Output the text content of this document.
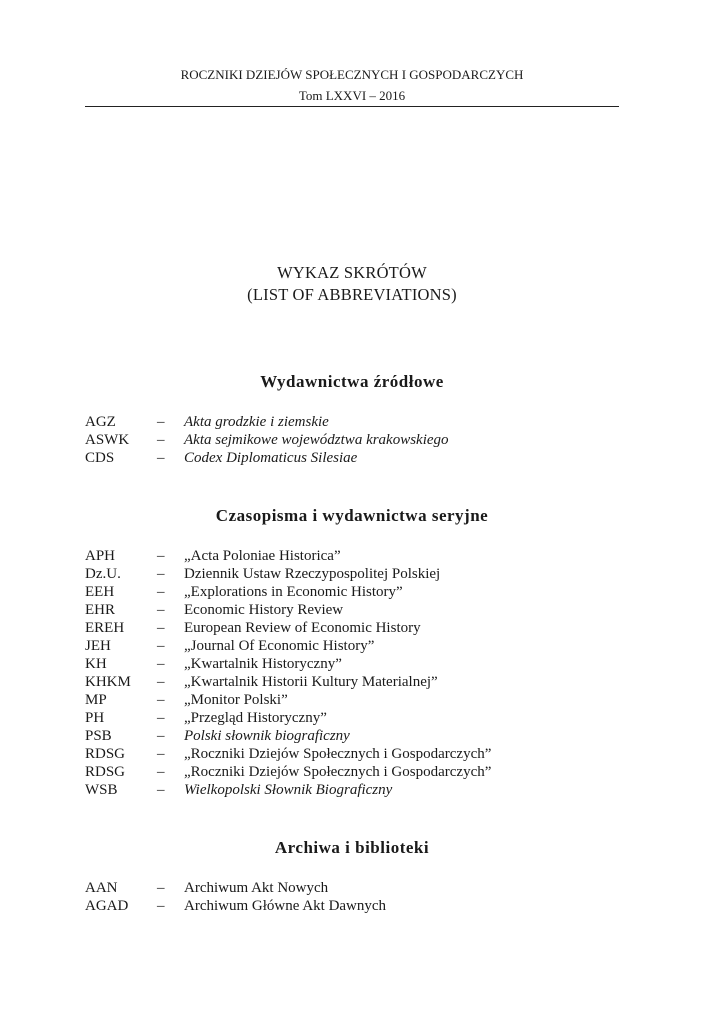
ROCZNIKI DZIEJÓW SPOŁECZNYCH I GOSPODARCZYCH
Tom LXXVI – 2016
WYKAZ SKRÓTÓW
(LIST OF ABBREVIATIONS)
Wydawnictwa źródłowe
AGZ	–	Akta grodzkie i ziemskie
ASWK	–	Akta sejmikowe województwa krakowskiego
CDS	–	Codex Diplomaticus Silesiae
Czasopisma i wydawnictwa seryjne
APH	–	„Acta Poloniae Historica”
Dz.U.	–	Dziennik Ustaw Rzeczypospolitej Polskiej
EEH	–	„Explorations in Economic History”
EHR	–	Economic History Review
EREH	–	European Review of Economic History
JEH	–	„Journal Of Economic History”
KH	–	„Kwartalnik Historyczny”
KHKM	–	„Kwartalnik Historii Kultury Materialnej”
MP	–	„Monitor Polski”
PH	–	„Przegląd Historyczny”
PSB	–	Polski słownik biograficzny
RDSG	–	„Roczniki Dziejów Społecznych i Gospodarczych”
RDSG	–	„Roczniki Dziejów Społecznych i Gospodarczych”
WSB	–	Wielkopolski Słownik Biograficzny
Archiwa i biblioteki
AAN	–	Archiwum Akt Nowych
AGAD	–	Archiwum Główne Akt Dawnych
